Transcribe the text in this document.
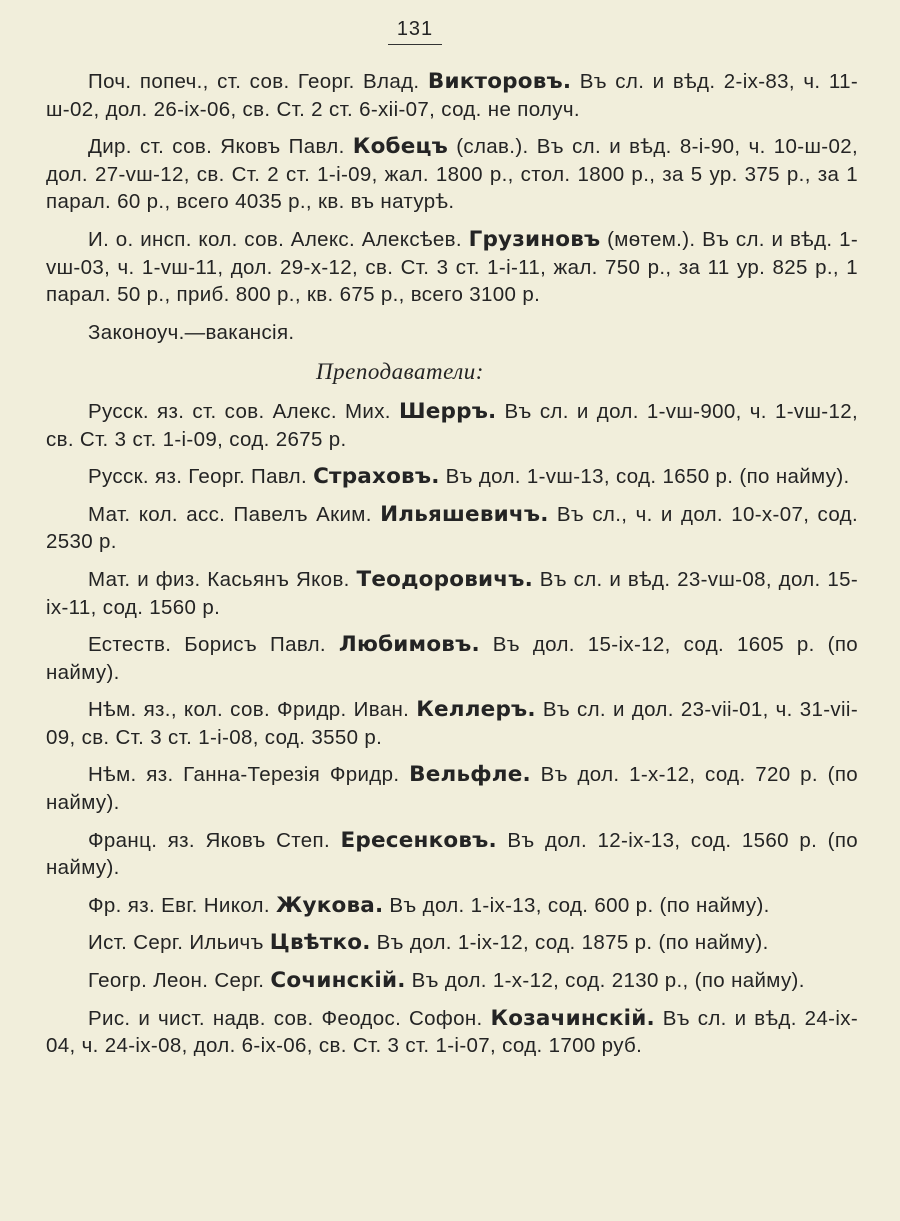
131

Поч. попеч., ст. сов. Георг. Влад. Викторовъ. Въ сл. и вѣд. 2-ix-83, ч. 11-ш-02, дол. 26-ix-06, св. Ст. 2 ст. 6-xii-07, сод. не получ.

Дир. ст. сов. Яковъ Павл. Кобецъ (слав.). Въ сл. и вѣд. 8-i-90, ч. 10-ш-02, дол. 27-vш-12, св. Ст. 2 ст. 1-i-09, жал. 1800 р., стол. 1800 р., за 5 ур. 375 р., за 1 парал. 60 р., всего 4035 р., кв. въ натурѣ.

И. о. инсп. кол. сов. Алекс. Алексѣев. Грузиновъ (мѳтем.). Въ сл. и вѣд. 1-vш-03, ч. 1-vш-11, дол. 29-x-12, св. Ст. 3 ст. 1-i-11, жал. 750 р., за 11 ур. 825 р., 1 парал. 50 р., приб. 800 р., кв. 675 р., всего 3100 р.

Законоуч.—вакансія.

Преподаватели:

Русск. яз. ст. сов. Алекс. Мих. Шерръ. Въ сл. и дол. 1-vш-900, ч. 1-vш-12, св. Ст. 3 ст. 1-i-09, сод. 2675 р.

Русск. яз. Георг. Павл. Страховъ. Въ дол. 1-vш-13, сод. 1650 р. (по найму).

Мат. кол. асс. Павелъ Аким. Ильяшевичъ. Въ сл., ч. и дол. 10-x-07, сод. 2530 р.

Мат. и физ. Касьянъ Яков. Теодоровичъ. Въ сл. и вѣд. 23-vш-08, дол. 15-ix-11, сод. 1560 р.

Естеств. Борисъ Павл. Любимовъ. Въ дол. 15-ix-12, сод. 1605 р. (по найму).

Нѣм. яз., кол. сов. Фридр. Иван. Келлеръ. Въ сл. и дол. 23-vii-01, ч. 31-vii-09, св. Ст. 3 ст. 1-i-08, сод. 3550 р.

Нѣм. яз. Ганна-Терезія Фридр. Вельфле. Въ дол. 1-x-12, сод. 720 р. (по найму).

Франц. яз. Яковъ Степ. Ересенковъ. Въ дол. 12-ix-13, сод. 1560 р. (по найму).

Фр. яз. Евг. Никол. Жукова. Въ дол. 1-ix-13, сод. 600 р. (по найму).

Ист. Серг. Ильичъ Цвѣтко. Въ дол. 1-ix-12, сод. 1875 р. (по найму).

Геогр. Леон. Серг. Сочинскій. Въ дол. 1-x-12, сод. 2130 р., (по найму).

Рис. и чист. надв. сов. Феодос. Софон. Козачинскій. Въ сл. и вѣд. 24-ix-04, ч. 24-ix-08, дол. 6-ix-06, св. Ст. 3 ст. 1-i-07, сод. 1700 руб.
